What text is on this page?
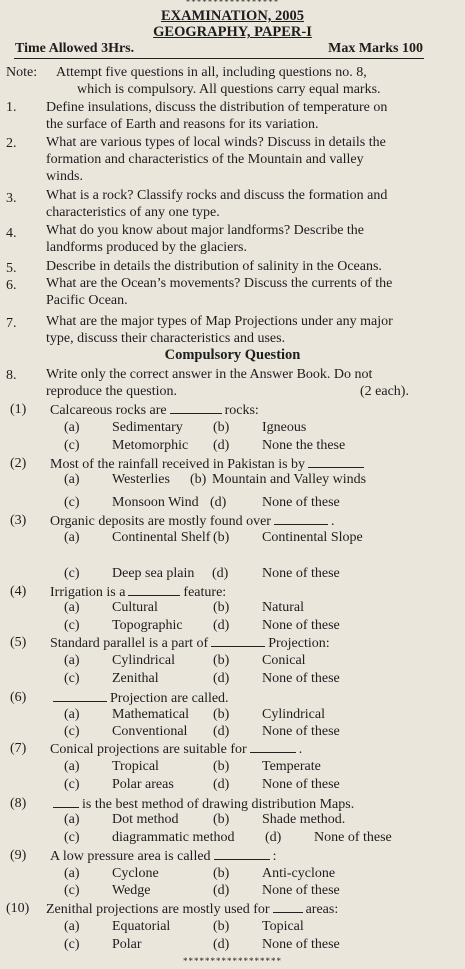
*****************
EXAMINATION, 2005
GEOGRAPHY, PAPER-I
Time Allowed 3Hrs.	Max Marks 100
Note: Attempt five questions in all, including questions no. 8,
which is compulsory. All questions carry equal marks.
1. Define insulations, discuss the distribution of temperature on
the surface of Earth and reasons for its variation.
2. What are various types of local winds? Discuss in details the
formation and characteristics of the Mountain and valley
winds.
3. What is a rock? Classify rocks and discuss the formation and
characteristics of any one type.
4. What do you know about major landforms? Describe the
landforms produced by the glaciers.
5. Describe in details the distribution of salinity in the Oceans.
6. What are the Ocean’s movements? Discuss the currents of the
Pacific Ocean.
7. What are the major types of Map Projections under any major
type, discuss their characteristics and uses.
Compulsory Question
8. Write only the correct answer in the Answer Book. Do not
reproduce the question.	(2 each).
(1) Calcareous rocks are	rocks:
(a) Sedimentary (b) Igneous
(c) Metomorphic (d) None the these
(2) Most of the rainfall received in Pakistan is by
(a) Westerlies (b) Mountain and Valley winds
(c) Monsoon Wind (d)	None of these
(3) Organic deposits are mostly found over	.
(a) Continental Shelf (b) Continental Slope
(c) Deep sea plain (d) None of these
(4) Irrigation is a	feature:
(a) Cultural	(b) Natural
(c) Topographic (d) None of these
(5) Standard parallel is a part of	Projection:
(a) Cylindrical	(b) Conical
(c) Zenithal	(d) None of these
(6)	Projection are called.
(a) Mathematical (b) Cylindrical
(c) Conventional (d) None of these
(7) Conical projections are suitable for	.
(a) Tropical	(b) Temperate
(c) Polar areas	(d) None of these
(8)	is the best method of drawing distribution Maps.
(a) Dot method (b) Shade method.
(c) diagrammatic method (d) None of these
(9) A low pressure area is called	:
(a) Cyclone	(b) Anti-cyclone
(c) Wedge	(d) None of these
(10) Zenithal projections are mostly used for	areas:
(a) Equatorial	(b) Topical
(c) Polar	(d) None of these
******************
